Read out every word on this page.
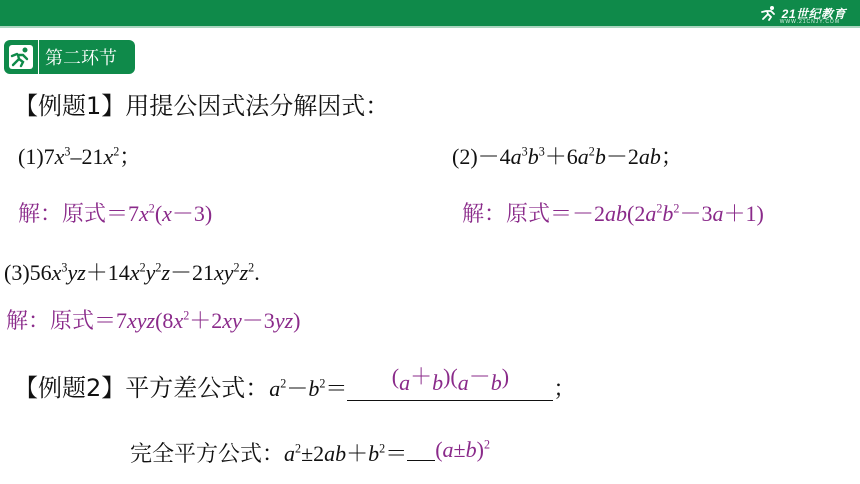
21世纪教育
WWW.21CNJY.COM
第二环节
【例题1】用提公因式法分解因式：
$(1)7x^3-21x^2$；	$(2)-4a^3b^3+6a^2b-2ab$；
解：原式$=7x^2(x-3)$	解：原式$=-2ab(2a^2b^2-3a+1)$
$(3)56x^3yz+14x^2y^2z-21xy^2z^2$.
解：原式$=7xyz(8x^2+2xy-3yz)$
【例题2】平方差公式：$a^2-b^2= (a+b)(a-b)$ ；
完全平方公式：$a^2\pm 2ab+b^2= (a\pm b)^2$
